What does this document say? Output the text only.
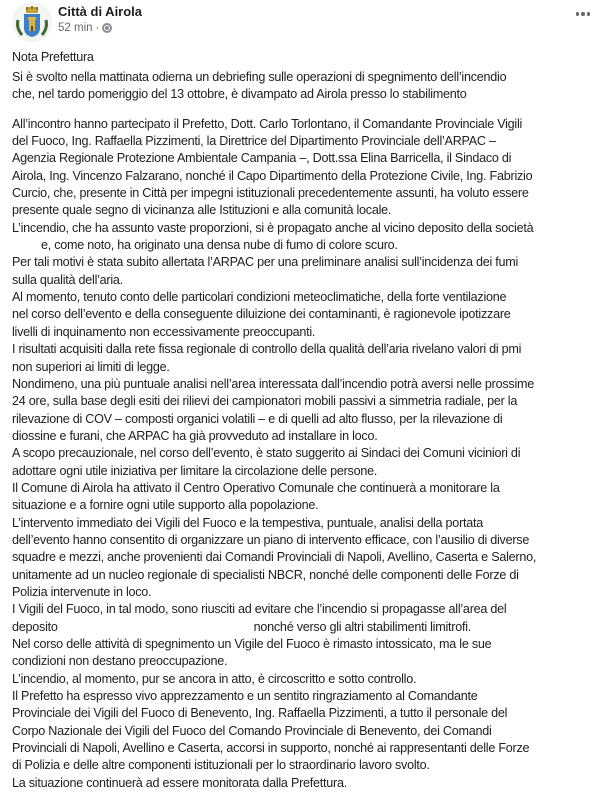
Città di Airola
52 min ·
Nota Prefettura
Si è svolto nella mattinata odierna un debriefing sulle operazioni di spegnimento dell’incendio
che, nel tardo pomeriggio del 13 ottobre, è divampato ad Airola presso lo stabilimento
All’incontro hanno partecipato il Prefetto, Dott. Carlo Torlontano, il Comandante Provinciale Vigili
del Fuoco, Ing. Raffaella Pizzimenti, la Direttrice del Dipartimento Provinciale dell’ARPAC –
Agenzia Regionale Protezione Ambientale Campania –, Dott.ssa Elina Barricella, il Sindaco di
Airola, Ing. Vincenzo Falzarano, nonché il Capo Dipartimento della Protezione Civile, Ing. Fabrizio
Curcio, che, presente in Città per impegni istituzionali precedentemente assunti, ha voluto essere
presente quale segno di vicinanza alle Istituzioni e alla comunità locale.
L’incendio, che ha assunto vaste proporzioni, si è propagato anche al vicino deposito della società
e, come noto, ha originato una densa nube di fumo di colore scuro.
Per tali motivi è stata subito allertata l’ARPAC per una preliminare analisi sull’incidenza dei fumi
sulla qualità dell’aria.
Al momento, tenuto conto delle particolari condizioni meteoclimatiche, della forte ventilazione
nel corso dell’evento e della conseguente diluizione dei contaminanti, è ragionevole ipotizzare
livelli di inquinamento non eccessivamente preoccupanti.
I risultati acquisiti dalla rete fissa regionale di controllo della qualità dell’aria rivelano valori di pmi
non superiori ai limiti di legge.
Nondimeno, una più puntuale analisi nell’area interessata dall’incendio potrà aversi nelle prossime
24 ore, sulla base degli esiti dei rilievi dei campionatori mobili passivi a simmetria radiale, per la
rilevazione di COV – composti organici volatili – e di quelli ad alto flusso, per la rilevazione di
diossine e furani, che ARPAC ha già provveduto ad installare in loco.
A scopo precauzionale, nel corso dell’evento, è stato suggerito ai Sindaci dei Comuni viciniori di
adottare ogni utile iniziativa per limitare la circolazione delle persone.
Il Comune di Airola ha attivato il Centro Operativo Comunale che continuerà a monitorare la
situazione e a fornire ogni utile supporto alla popolazione.
L’intervento immediato dei Vigili del Fuoco e la tempestiva, puntuale, analisi della portata
dell’evento hanno consentito di organizzare un piano di intervento efficace, con l’ausilio di diverse
squadre e mezzi, anche provenienti dai Comandi Provinciali di Napoli, Avellino, Caserta e Salerno,
unitamente ad un nucleo regionale di specialisti NBCR, nonché delle componenti delle Forze di
Polizia intervenute in loco.
I Vigili del Fuoco, in tal modo, sono riusciti ad evitare che l’incendio si propagasse all’area del
deposito	nonché verso gli altri stabilimenti limitrofi.
Nel corso delle attività di spegnimento un Vigile del Fuoco è rimasto intossicato, ma le sue
condizioni non destano preoccupazione.
L’incendio, al momento, pur se ancora in atto, è circoscritto e sotto controllo.
Il Prefetto ha espresso vivo apprezzamento e un sentito ringraziamento al Comandante
Provinciale dei Vigili del Fuoco di Benevento, Ing. Raffaella Pizzimenti, a tutto il personale del
Corpo Nazionale dei Vigili del Fuoco del Comando Provinciale di Benevento, dei Comandi
Provinciali di Napoli, Avellino e Caserta, accorsi in supporto, nonché ai rappresentanti delle Forze
di Polizia e delle altre componenti istituzionali per lo straordinario lavoro svolto.
La situazione continuerà ad essere monitorata dalla Prefettura.
